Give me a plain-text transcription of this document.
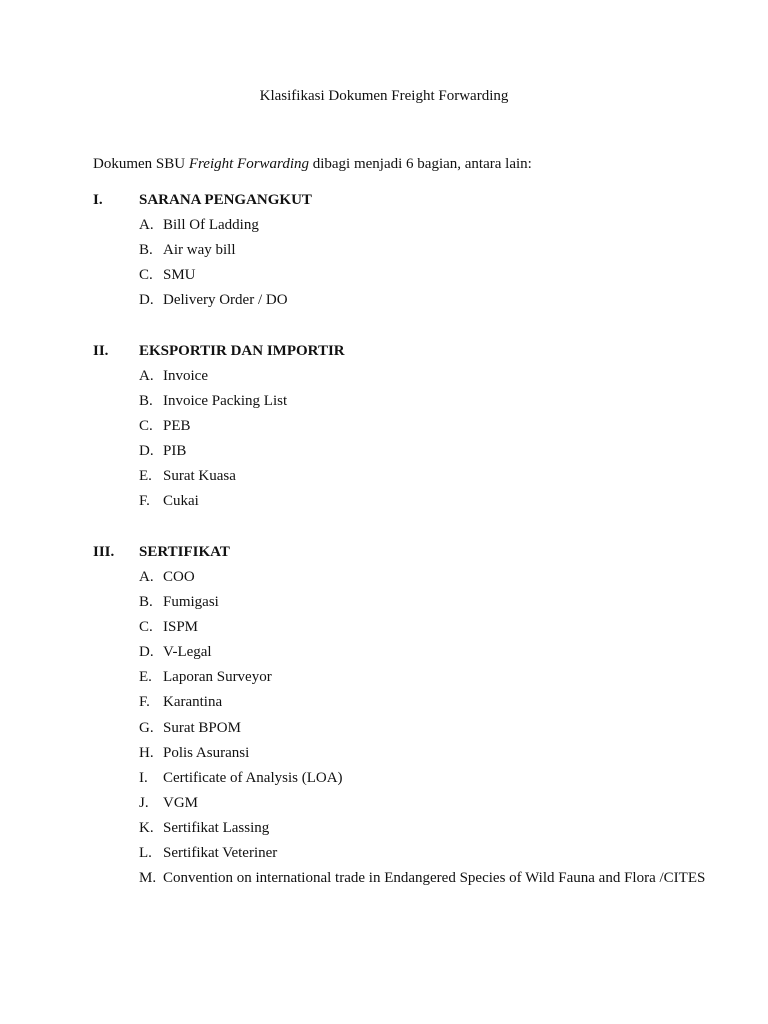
Klasifikasi Dokumen Freight Forwarding
Dokumen SBU Freight Forwarding dibagi menjadi 6 bagian, antara lain:
I.	SARANA PENGANGKUT
A. Bill Of Ladding
B. Air way bill
C. SMU
D. Delivery Order / DO
II.	EKSPORTIR DAN IMPORTIR
A. Invoice
B. Invoice Packing List
C. PEB
D. PIB
E. Surat Kuasa
F. Cukai
III.	SERTIFIKAT
A. COO
B. Fumigasi
C. ISPM
D. V-Legal
E. Laporan Surveyor
F. Karantina
G. Surat BPOM
H. Polis Asuransi
I.	Certificate of Analysis (LOA)
J. VGM
K. Sertifikat Lassing
L. Sertifikat Veteriner
M. Convention on international trade in Endangered Species of Wild Fauna and Flora /CITES
